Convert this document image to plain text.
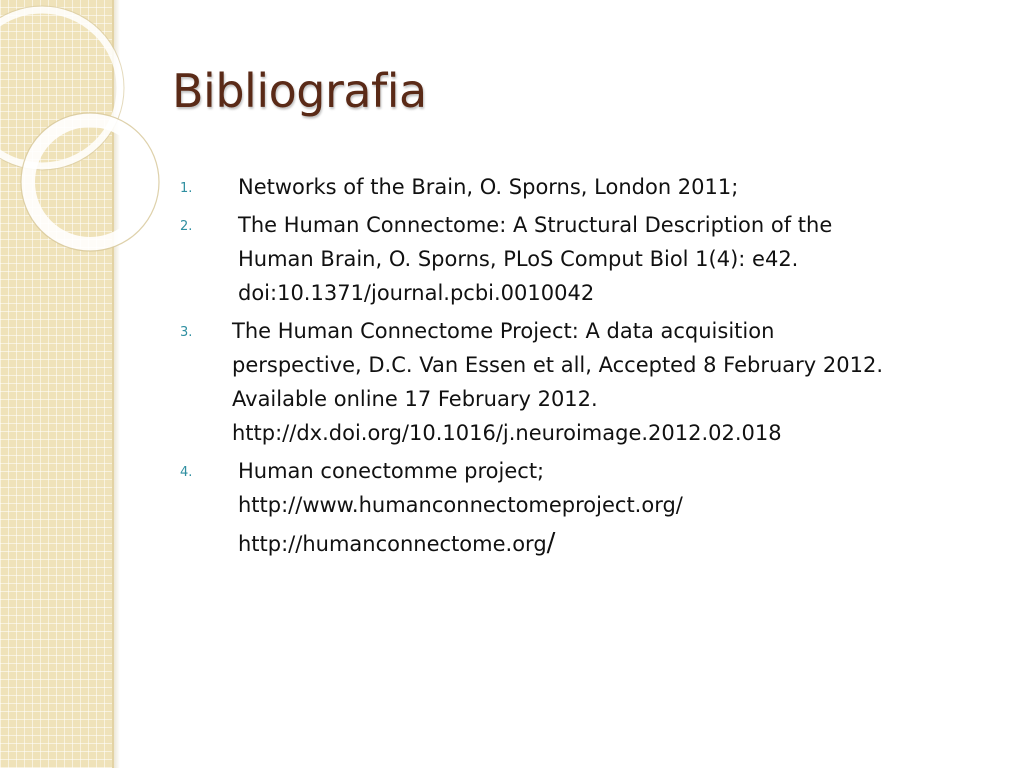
Bibliografia
1. Networks of the Brain, O. Sporns, London 2011;
2. The Human Connectome: A Structural Description of the
Human Brain, O. Sporns, PLoS Comput Biol 1(4): e42.
doi:10.1371/journal.pcbi.0010042
3. The Human Connectome Project: A data acquisition
perspective, D.C. Van Essen et all, Accepted 8 February 2012.
Available online 17 February 2012.
http://dx.doi.org/10.1016/j.neuroimage.2012.02.018
4. Human conectomme project;
http://www.humanconnectomeproject.org/
http://humanconnectome.org/
